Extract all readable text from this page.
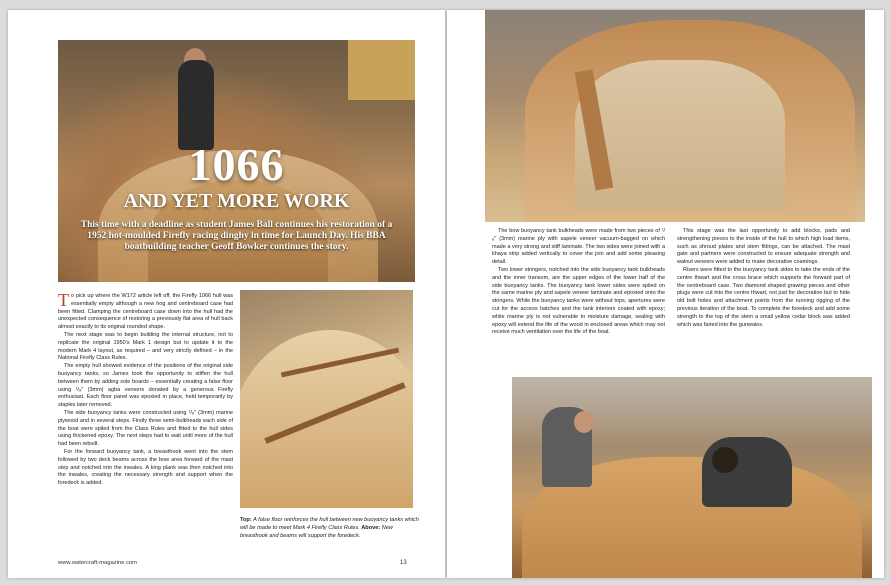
1066
AND YET MORE WORK
This time with a deadline as student James Ball continues his restoration of a 1952 hot-moulded Firefly racing dinghy in time for Launch Day. His BBA boatbuilding teacher Geoff Bowker continues the story.

To pick up where the W172 article left off, the Firefly 1066 hull was essentially empty although a new hog and centreboard case had been fitted. Clamping the centreboard case down into the hull had the unexpected consequence of restoring a previously flat area of hull back almost exactly to its original rounded shape.

The next stage was to begin building the internal structure, not to replicate the original 1950's Mark 1 design but to update it to the modern Mark 4 layout, as required – and very strictly defined – in the National Firefly Class Rules.

The empty hull showed evidence of the positions of the original side buoyancy tanks, so James took the opportunity to stiffen the hull between them by adding sole boards – essentially creating a false floor using ¹/₈" (3mm) agba veneers donated by a generous Firefly enthusiast. Each floor panel was epoxied in place, held temporarily by staples later removed.

The side buoyancy tanks were constructed using ¹/₈" (3mm) marine plywood and in several steps. Firstly three semi-bulkheads each side of the boat were spiled from the Class Rules and fitted to the hull sides using thickened epoxy. The next steps had to wait until more of the hull had been rebuilt.

For the forward buoyancy tank, a breasthook went into the stem followed by two deck beams across the bow area forward of the mast step and notched into the inwales. A king plank was then notched into the inwales, creating the necessary strength and support when the foredeck is added.

Top: A false floor reinforces the hull between new buoyancy tanks which will be made to meet Mark 4 Firefly Class Rules. Above: New breasthook and beams will support the foredeck.
www.watercraft-magazine.com	13

The bow buoyancy tank bulkheads were made from two pieces of ¹/₈" (3mm) marine ply with sapele veneer vacuum-bagged on which made a very strong and stiff laminate. The two sides were joined with a khaya strip added vertically to cover the join and add some pleasing detail.

Two lower stringers, notched into the side buoyancy tank bulkheads and the inner transom, are the upper edges of the lower half of the side buoyancy tanks. The buoyancy tank lower sides were spiled on the same marine ply and sapele veneer laminate and epoxied onto the stringers. While the buoyancy tanks were without tops, apertures were cut for the access hatches and the tank interiors coated with epoxy; while marine ply is not vulnerable to moisture damage, sealing with epoxy will extend the life of the wood in enclosed areas which may not receive much ventilation over the life of the boat.

This stage was the last opportunity to add blocks, pads and strengthening pieces to the inside of the hull to which high load items, such as shroud plates and stem fittings, can be attached. The mast gate and partners were constructed to ensure adequate strength and walnut veneers were added to make decorative coamings.

Risers were fitted to the buoyancy tank sides to take the ends of the centre thwart and the cross brace which supports the forward part of the centreboard case. Two diamond shaped grawing pieces and other plugs were cut into the centre thwart, not just for decoration but to hide old bolt holes and attachment points from the running rigging of the previous iteration of the boat. To complete the foredeck and add some strength to the top of the stem a small yellow cedar block was added which was faired into the gunwales.
